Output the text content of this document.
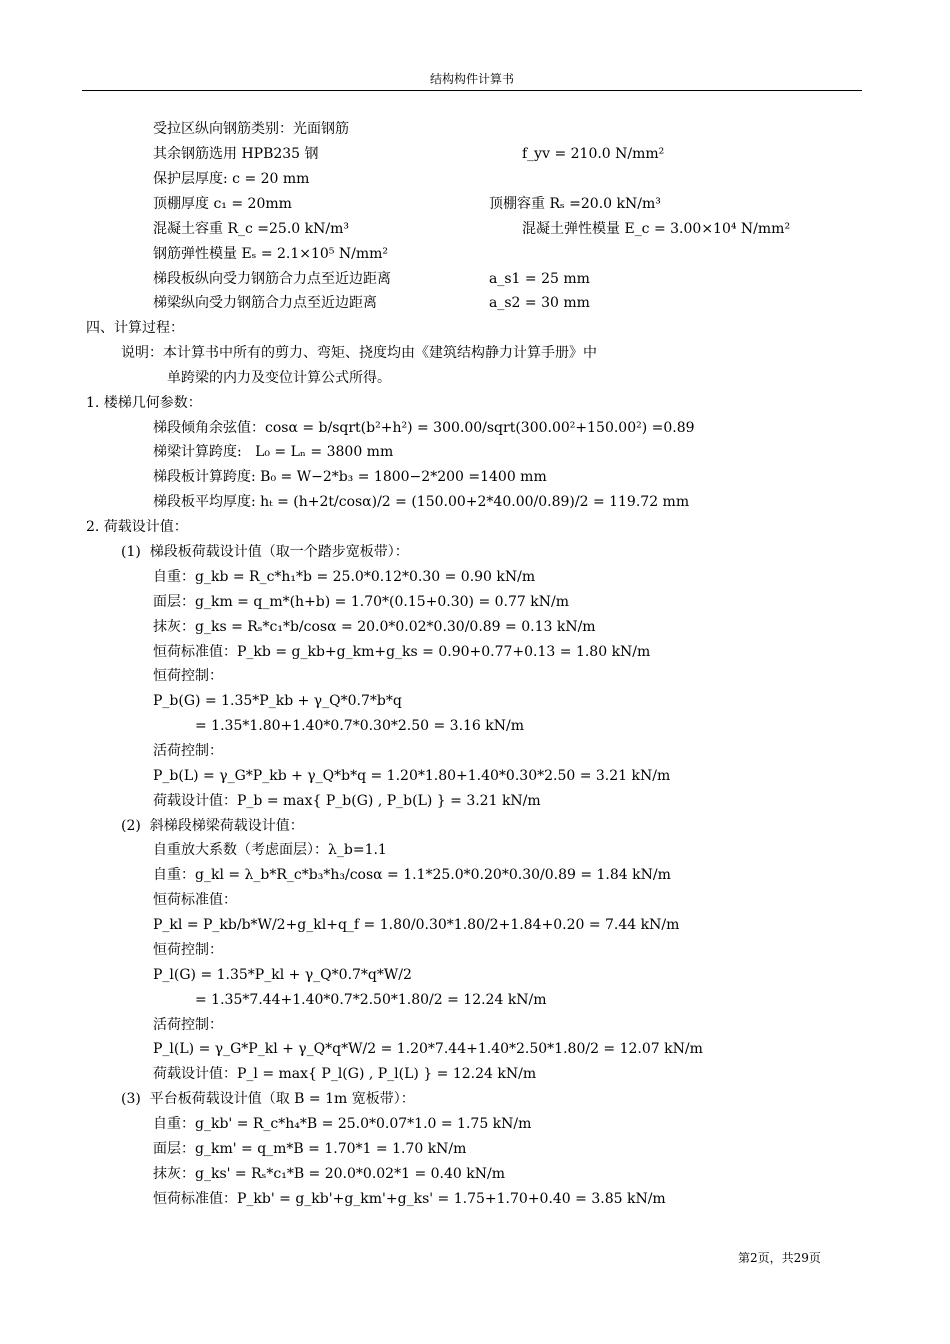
结构构件计算书
受拉区纵向钢筋类别：光面钢筋
其余钢筋选用 HPB235 钢	f_yv = 210.0 N/mm²
保护层厚度: c = 20 mm
顶棚厚度 c₁ = 20mm	顶棚容重 Rₛ =20.0 kN/m³
混凝土容重 R_c =25.0 kN/m³	混凝土弹性模量 E_c = 3.00×10⁴ N/mm²
钢筋弹性模量 Eₛ = 2.1×10⁵ N/mm²
梯段板纵向受力钢筋合力点至近边距离	a_s1 = 25 mm
梯梁纵向受力钢筋合力点至近边距离	a_s2 = 30 mm
四、计算过程：
说明：本计算书中所有的剪力、弯矩、挠度均由《建筑结构静力计算手册》中
单跨梁的内力及变位计算公式所得。
1. 楼梯几何参数：
梯段倾角余弦值：cosα = b/sqrt(b²+h²) = 300.00/sqrt(300.00²+150.00²) =0.89
梯梁计算跨度:   L₀ = Lₙ = 3800 mm
梯段板计算跨度: B₀ = W−2*b₃ = 1800−2*200 =1400 mm
梯段板平均厚度: hₜ = (h+2t/cosα)/2 = (150.00+2*40.00/0.89)/2 = 119.72 mm
2. 荷载设计值：
(1)  梯段板荷载设计值（取一个踏步宽板带）：
自重：g_kb = R_c*h₁*b = 25.0*0.12*0.30 = 0.90 kN/m
面层：g_km = q_m*(h+b) = 1.70*(0.15+0.30) = 0.77 kN/m
抹灰：g_ks = Rₛ*c₁*b/cosα = 20.0*0.02*0.30/0.89 = 0.13 kN/m
恒荷标准值：P_kb = g_kb+g_km+g_ks = 0.90+0.77+0.13 = 1.80 kN/m
恒荷控制：
P_b(G) = 1.35*P_kb + γ_Q*0.7*b*q
= 1.35*1.80+1.40*0.7*0.30*2.50 = 3.16 kN/m
活荷控制：
P_b(L) = γ_G*P_kb + γ_Q*b*q = 1.20*1.80+1.40*0.30*2.50 = 3.21 kN/m
荷载设计值：P_b = max{ P_b(G) , P_b(L) } = 3.21 kN/m
(2)  斜梯段梯梁荷载设计值：
自重放大系数（考虑面层）：λ_b=1.1
自重：g_kl = λ_b*R_c*b₃*h₃/cosα = 1.1*25.0*0.20*0.30/0.89 = 1.84 kN/m
恒荷标准值：
P_kl = P_kb/b*W/2+g_kl+q_f = 1.80/0.30*1.80/2+1.84+0.20 = 7.44 kN/m
恒荷控制：
P_l(G) = 1.35*P_kl + γ_Q*0.7*q*W/2
= 1.35*7.44+1.40*0.7*2.50*1.80/2 = 12.24 kN/m
活荷控制：
P_l(L) = γ_G*P_kl + γ_Q*q*W/2 = 1.20*7.44+1.40*2.50*1.80/2 = 12.07 kN/m
荷载设计值：P_l = max{ P_l(G) , P_l(L) } = 12.24 kN/m
(3)  平台板荷载设计值（取 B = 1m 宽板带）：
自重：g_kb' = R_c*h₄*B = 25.0*0.07*1.0 = 1.75 kN/m
面层：g_km' = q_m*B = 1.70*1 = 1.70 kN/m
抹灰：g_ks' = Rₛ*c₁*B = 20.0*0.02*1 = 0.40 kN/m
恒荷标准值：P_kb' = g_kb'+g_km'+g_ks' = 1.75+1.70+0.40 = 3.85 kN/m
第2页，共29页
